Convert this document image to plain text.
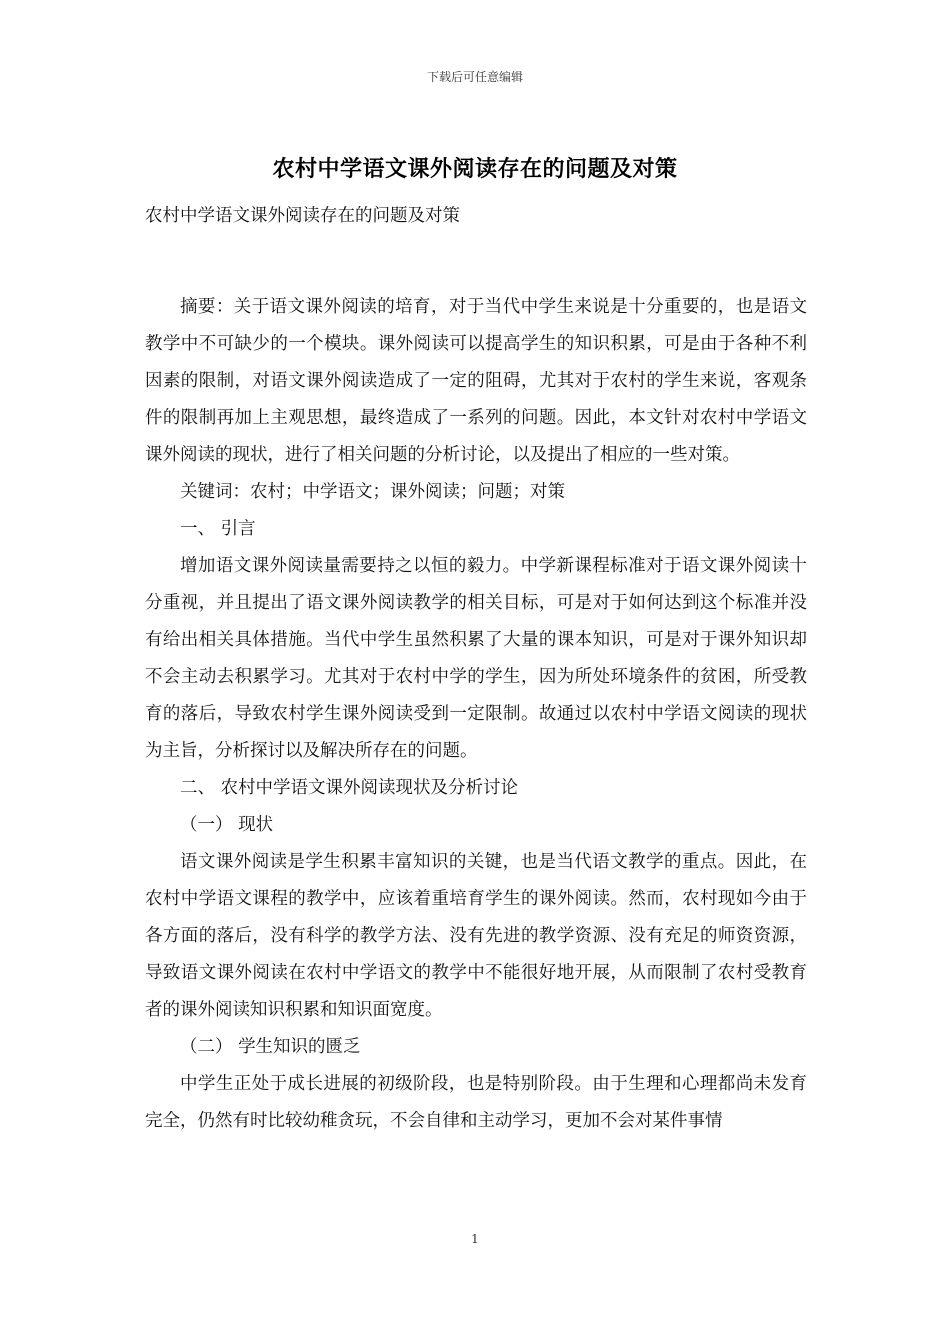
下载后可任意编辑
农村中学语文课外阅读存在的问题及对策

农村中学语文课外阅读存在的问题及对策

摘要：关于语文课外阅读的培育，对于当代中学生来说是十分重要的，也是语文教学中不可缺少的一个模块。课外阅读可以提高学生的知识积累，可是由于各种不利因素的限制，对语文课外阅读造成了一定的阻碍，尤其对于农村的学生来说，客观条件的限制再加上主观思想，最终造成了一系列的问题。因此，本文针对农村中学语文课外阅读的现状，进行了相关问题的分析讨论，以及提出了相应的一些对策。

关键词：农村；中学语文；课外阅读；问题；对策

一、 引言

增加语文课外阅读量需要持之以恒的毅力。中学新课程标准对于语文课外阅读十分重视，并且提出了语文课外阅读教学的相关目标，可是对于如何达到这个标准并没有给出相关具体措施。当代中学生虽然积累了大量的课本知识，可是对于课外知识却不会主动去积累学习。尤其对于农村中学的学生，因为所处环境条件的贫困，所受教育的落后，导致农村学生课外阅读受到一定限制。故通过以农村中学语文阅读的现状为主旨，分析探讨以及解决所存在的问题。

二、 农村中学语文课外阅读现状及分析讨论

（一） 现状

语文课外阅读是学生积累丰富知识的关键，也是当代语文教学的重点。因此，在农村中学语文课程的教学中，应该着重培育学生的课外阅读。然而，农村现如今由于各方面的落后，没有科学的教学方法、没有先进的教学资源、没有充足的师资资源，导致语文课外阅读在农村中学语文的教学中不能很好地开展，从而限制了农村受教育者的课外阅读知识积累和知识面宽度。

（二） 学生知识的匮乏

中学生正处于成长进展的初级阶段，也是特别阶段。由于生理和心理都尚未发育完全，仍然有时比较幼稚贪玩，不会自律和主动学习，更加不会对某件事情

1
